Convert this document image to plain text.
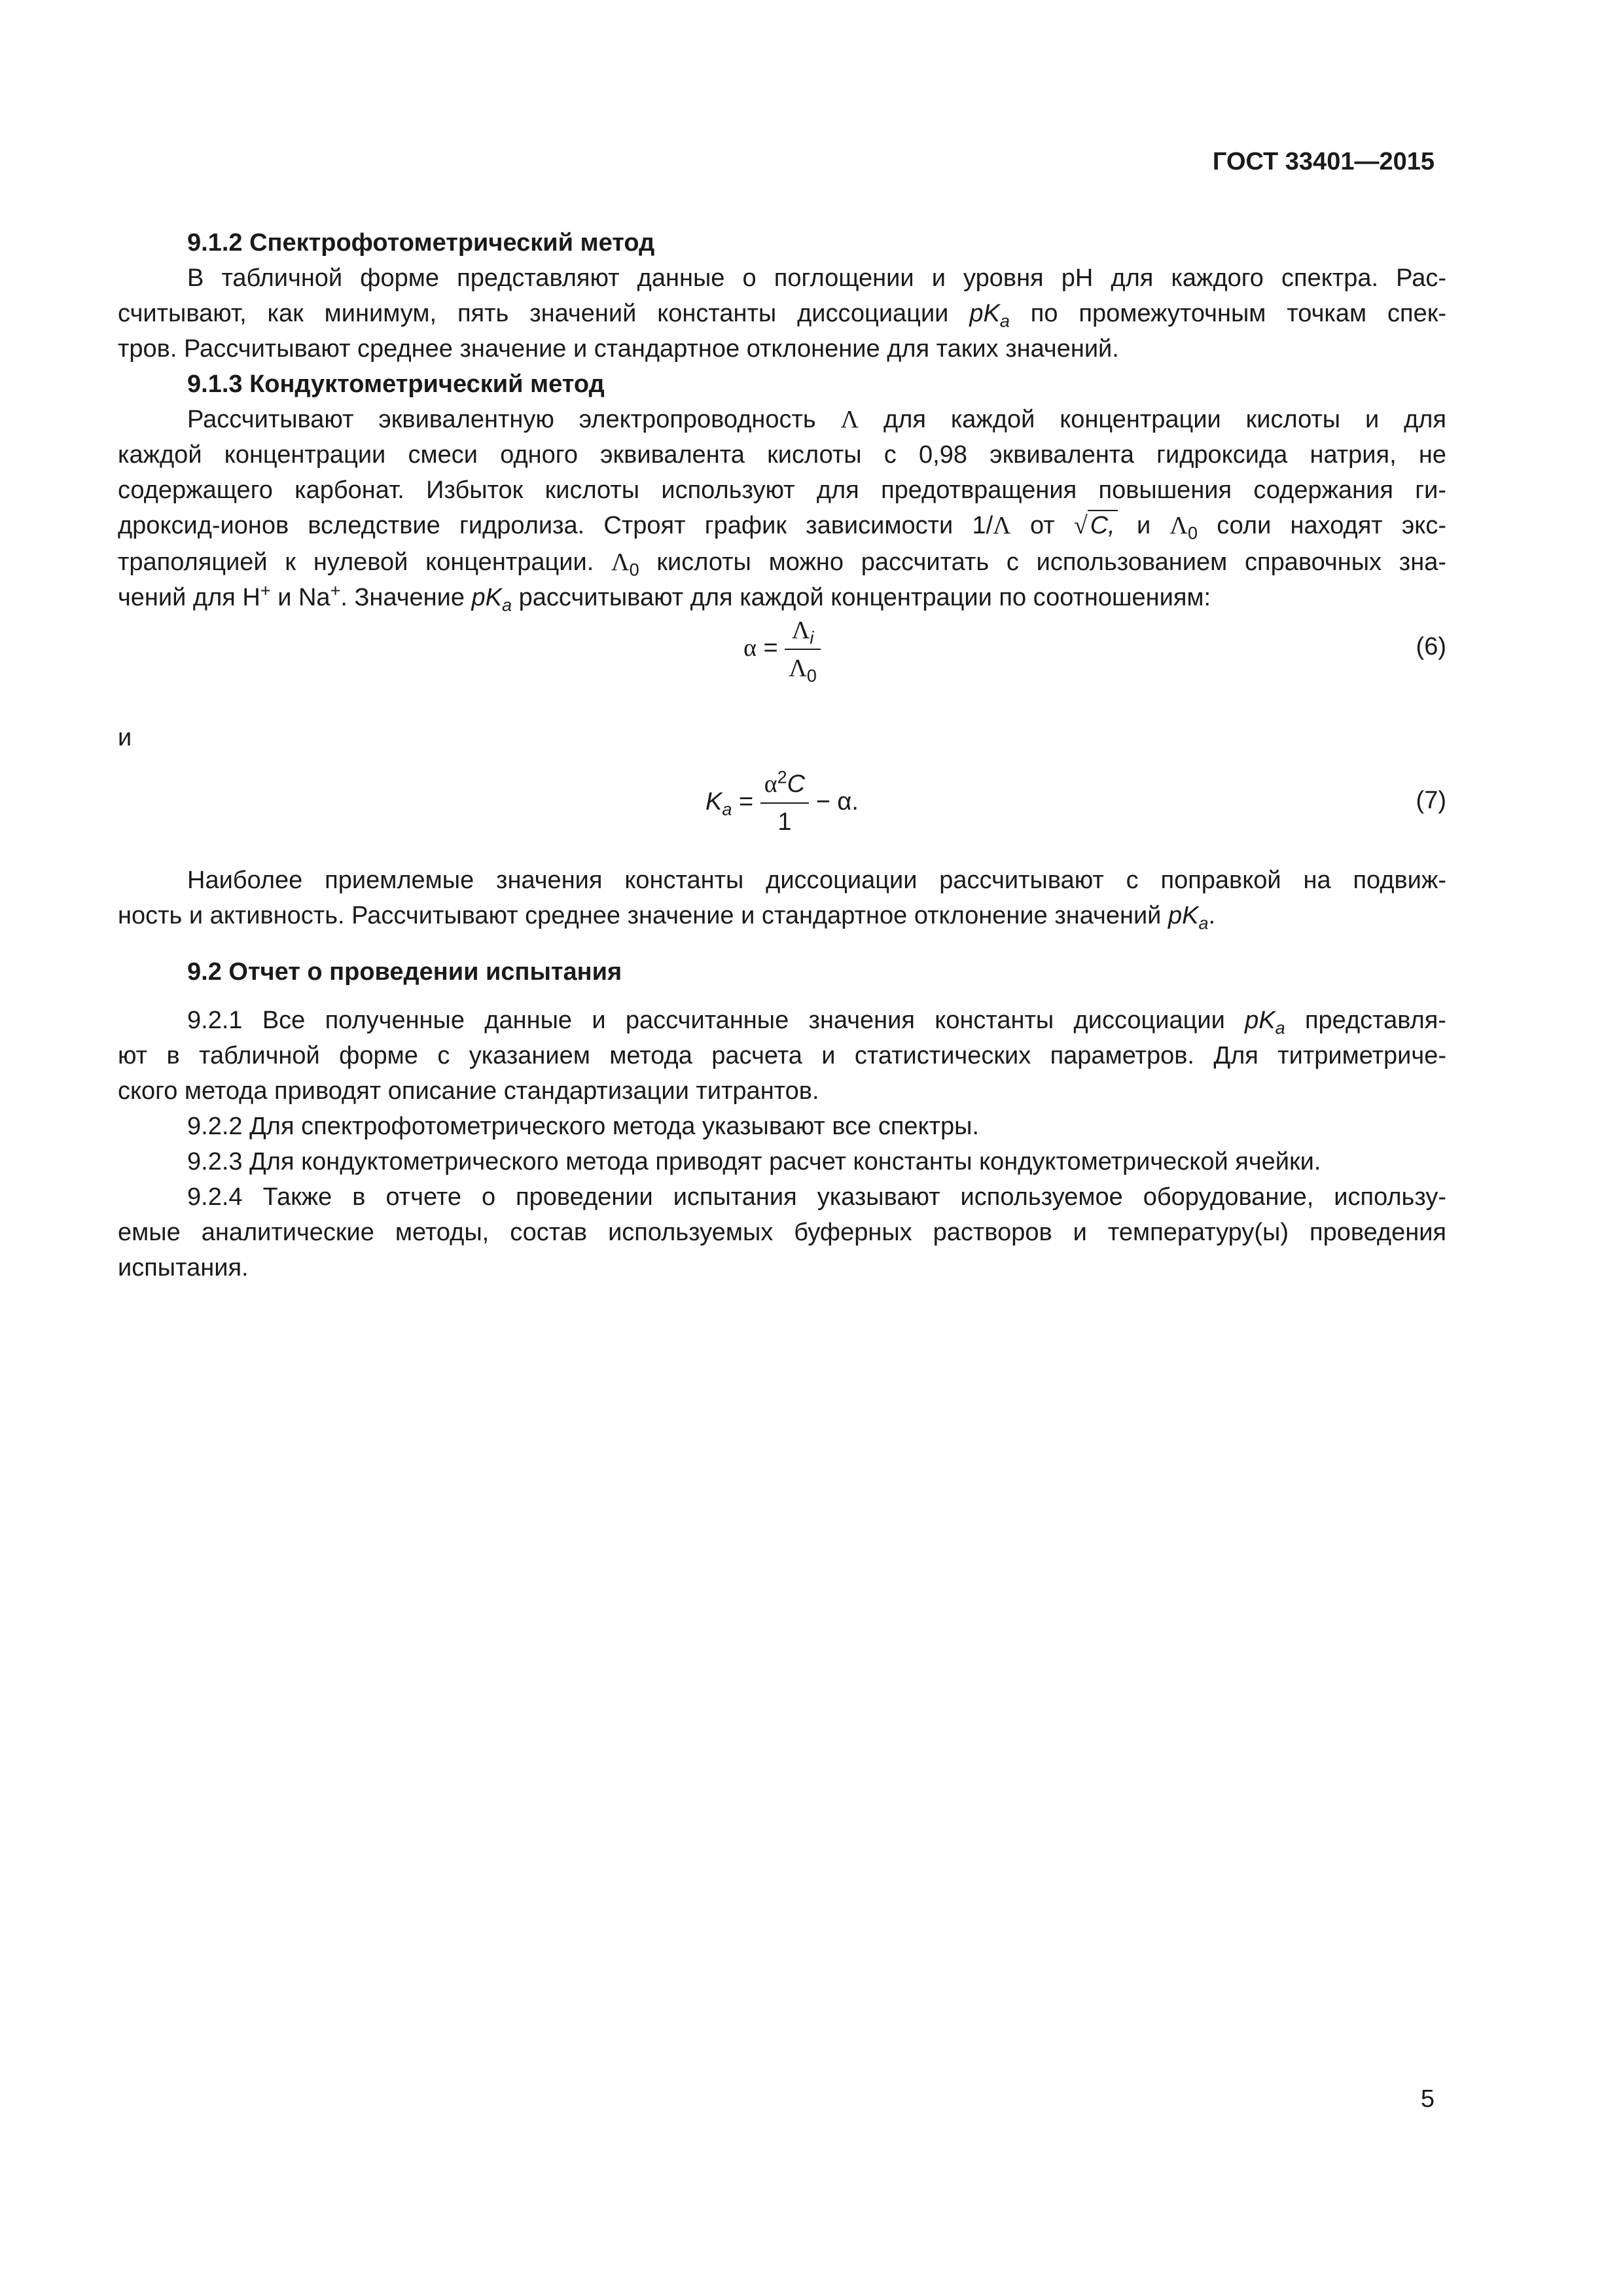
ГОСТ 33401—2015
9.1.2 Спектрофотометрический метод
В табличной форме представляют данные о поглощении и уровня рН для каждого спектра. Рас-
считывают, как минимум, пять значений константы диссоциации $pK_a$ по промежуточным точкам спек-
тров. Рассчитывают среднее значение и стандартное отклонение для таких значений.
9.1.3 Кондуктометрический метод
Рассчитывают эквивалентную электропроводность Λ для каждой концентрации кислоты и для
каждой концентрации смеси одного эквивалента кислоты с 0,98 эквивалента гидроксида натрия, не
содержащего карбонат. Избыток кислоты используют для предотвращения повышения содержания ги-
дроксид-ионов вследствие гидролиза. Строят график зависимости 1/Λ от √ C, и $\Lambda_0$ соли находят экс-
траполяцией к нулевой концентрации. $\Lambda_0$ кислоты можно рассчитать с использованием справочных зна-
чений для H+ и Na+. Значение $pK_a$ рассчитывают для каждой концентрации по соотношениям:
$\alpha = \frac{\Lambda_i}{\Lambda_0}$	(6)
и
$K_a = \frac{\alpha^2C}{1} - \alpha$.	(7)
Наиболее приемлемые значения константы диссоциации рассчитывают с поправкой на подвиж-
ность и активность. Рассчитывают среднее значение и стандартное отклонение значений $pK_a$.
9.2 Отчет о проведении испытания
9.2.1 Все полученные данные и рассчитанные значения константы диссоциации $pK_a$ представля-
ют в табличной форме с указанием метода расчета и статистических параметров. Для титриметриче-
ского метода приводят описание стандартизации титрантов.
9.2.2 Для спектрофотометрического метода указывают все спектры.
9.2.3 Для кондуктометрического метода приводят расчет константы кондуктометрической ячейки.
9.2.4 Также в отчете о проведении испытания указывают используемое оборудование, использу-
емые аналитические методы, состав используемых буферных растворов и температуру(ы) проведения
испытания.
5
